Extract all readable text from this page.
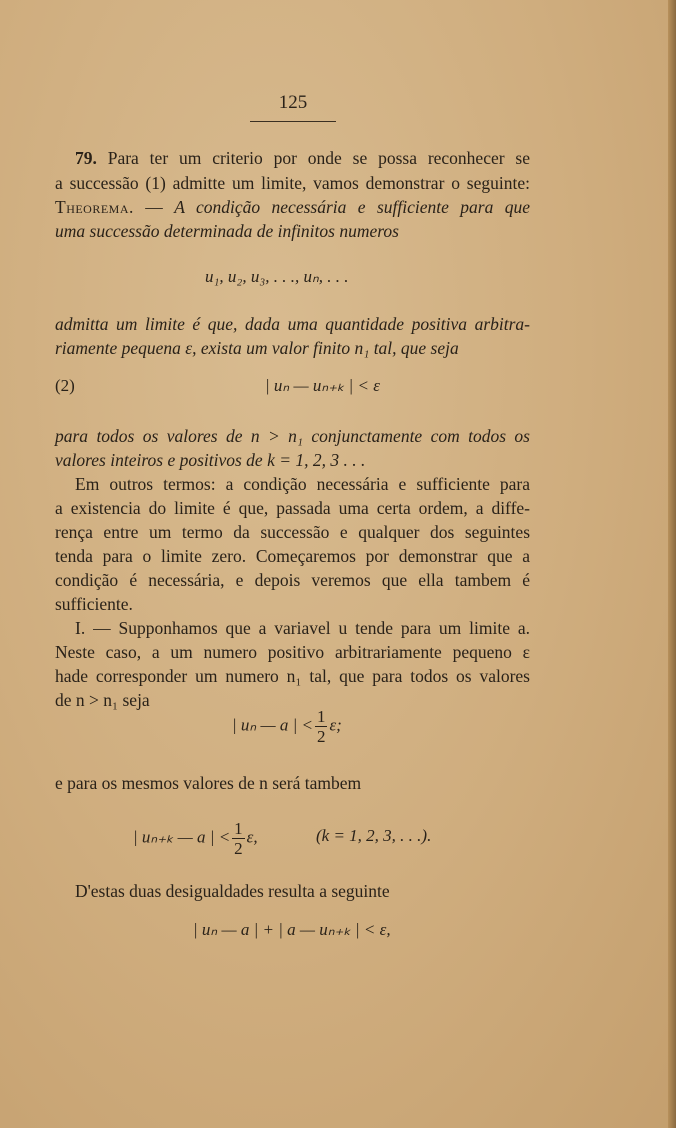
125
79. Para ter um criterio por onde se possa reconhecer se
a successão (1) admitte um limite, vamos demonstrar o seguinte:
Theorema. — A condição necessária e sufficiente para que
uma successão determinada de infinitos numeros
u₁, u₂, u₃, . . ., uₙ, . . .
admitta um limite é que, dada uma quantidade positiva arbitra-
riamente pequena ε, exista um valor finito n₁ tal, que seja
(2)	| uₙ — uₙ₊ₖ | < ε
para todos os valores de n > n₁ conjunctamente com todos os
valores inteiros e positivos de k = 1, 2, 3 . . .
Em outros termos: a condição necessária e sufficiente para
a existencia do limite é que, passada uma certa ordem, a diffe-
rença entre um termo da successão e qualquer dos seguintes
tenda para o limite zero. Começaremos por demonstrar que a
condição é necessária, e depois veremos que ella tambem é
sufficiente.
I. — Supponhamos que a variavel u tende para um limite a.
Neste caso, a um numero positivo arbitrariamente pequeno ε
hade corresponder um numero n₁ tal, que para todos os valores
de n > n₁ seja
| uₙ — a | < $\frac{1}{2} \varepsilon$;
e para os mesmos valores de n será tambem
| uₙ₊ₖ — a | < $\frac{1}{2} \varepsilon$,	(k = 1, 2, 3, . . .).
D'estas duas desigualdades resulta a seguinte
| uₙ — a | + | a — uₙ₊ₖ | < ε,
